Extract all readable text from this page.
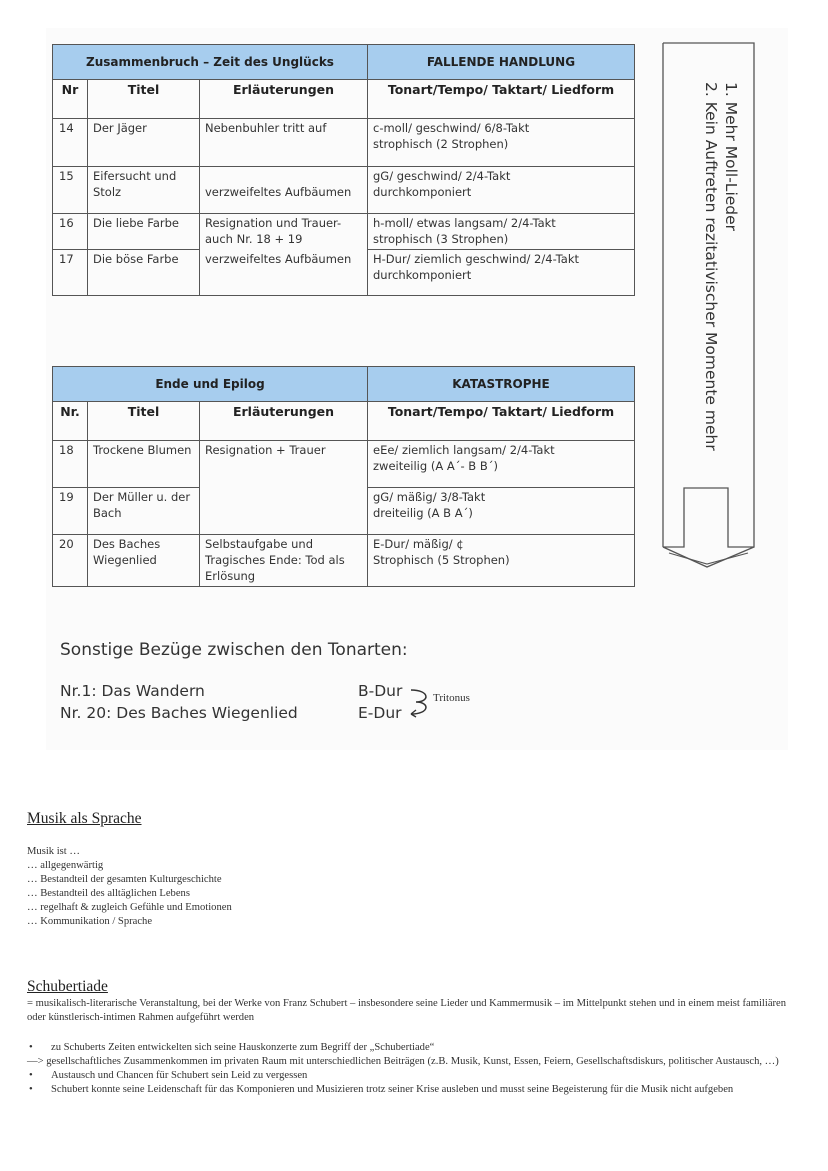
Zusammenbruch – Zeit des Unglücks			FALLENDE HANDLUNG
Nr	Titel	Erläuterungen	Tonart/Tempo/ Taktart/ Liedform
14	Der Jäger	Nebenbuhler tritt auf	c-moll/ geschwind/ 6/8-Takt
strophisch (2 Strophen)

15	Eifersucht und Stolz	verzweifeltes Aufbäumen	gG/ geschwind/ 2/4-Takt
durchkomponiert

16	Die liebe Farbe	Resignation und Trauer- auch Nr. 18 + 19	h-moll/ etwas langsam/ 2/4-Takt
strophisch (3 Strophen)

17	Die böse Farbe	verzweifeltes Aufbäumen	H-Dur/ ziemlich geschwind/ 2/4-Takt
durchkomponiert
Ende und Epilog			KATASTROPHE
Nr.	Titel	Erläuterungen	Tonart/Tempo/ Taktart/ Liedform
18	Trockene Blumen	Resignation + Trauer	eEe/ ziemlich langsam/ 2/4-Takt
zweiteilig (A A´- B B´)

19	Der Müller u. der Bach		gG/ mäßig/ 3/8-Takt
dreiteilig (A B A´)

20	Des Baches Wiegenlied	Selbstaufgabe und Tragisches Ende: Tod als Erlösung	E-Dur/ mäßig/ ¢
Strophisch (5 Strophen)
1. Mehr Moll-Lieder
2. Kein Auftreten rezitativischer Momente mehr
Sonstige Bezüge zwischen den Tonarten:
Nr.1: Das Wandern
Nr. 20: Des Baches Wiegenlied
B-Dur
E-Dur
Tritonus
Musik als Sprache
Musik ist …
… allgegenwärtig
… Bestandteil der gesamten Kulturgeschichte
… Bestandteil des alltäglichen Lebens
… regelhaft & zugleich Gefühle und Emotionen
… Kommunikation / Sprache
Schubertiade
= musikalisch-literarische Veranstaltung, bei der Werke von Franz Schubert – insbesondere seine Lieder und Kammermusik – im Mittelpunkt stehen und in einem meist familiären oder künstlerisch-intimen Rahmen aufgeführt werden
• zu Schuberts Zeiten entwickelten sich seine Hauskonzerte zum Begriff der „Schubertiade“
—> gesellschaftliches Zusammenkommen im privaten Raum mit unterschiedlichen Beiträgen (z.B. Musik, Kunst, Essen, Feiern, Gesellschaftsdiskurs, politischer Austausch, …)
• Austausch und Chancen für Schubert sein Leid zu vergessen
• Schubert konnte seine Leidenschaft für das Komponieren und Musizieren trotz seiner Krise ausleben und musst seine Begeisterung für die Musik nicht aufgeben
